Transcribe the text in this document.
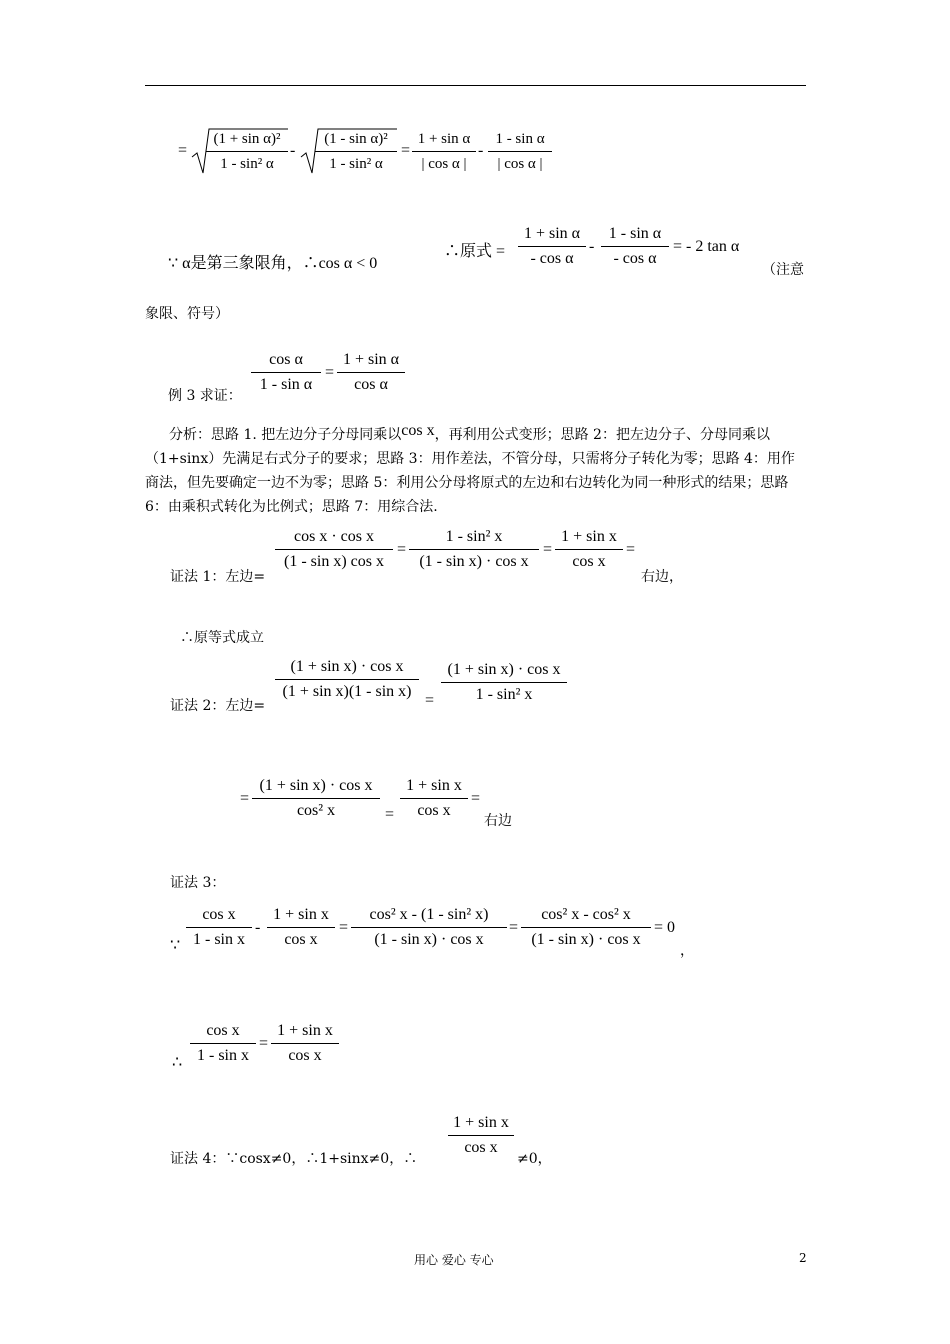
= $\frac{\text{(1 + sin α)²}}{\text{1 - sin² α}} - \frac{\text{(1 - sin α)²}}{\text{1 - sin² α}} = \frac{\text{1 + sin α}}{\text{| cos α |}} - \frac{\text{1 - sin α}}{\text{| cos α |}}$
∵ α是第三象限角，∴cos α < 0
∴原式 = $\frac{\text{1 + sin α}}{\text{- cos α}} - \frac{\text{1 - sin α}}{\text{- cos α}}$ = - 2 tan α
（注意
象限、符号）
例 3 求证：
$\frac{\text{cos α}}{\text{1 - sin α}} = \frac{\text{1 + sin α}}{\text{cos α}}$
分析：思路 1. 把左边分子分母同乘以cos x，再利用公式变形；思路 2：把左边分子、分母同乘以（1+sinx）先满足右式分子的要求；思路 3：用作差法，不管分母，只需将分子转化为零；思路 4：用作商法，但先要确定一边不为零；思路 5：利用公分母将原式的左边和右边转化为同一种形式的结果；思路 6：由乘积式转化为比例式；思路 7：用综合法.
证法 1：左边=
$\frac{\text{cos x · cos x}}{\text{(1 - sin x) cos x}} = \frac{\text{1 - sin² x}}{\text{(1 - sin x) · cos x}} = \frac{\text{1 + sin x}}{\text{cos x}}$ =
右边，
∴原等式成立
证法 2：左边=
$\frac{\text{(1 + sin x) · cos x}}{\text{(1 + sin x)(1 - sin x)}} = \frac{\text{(1 + sin x) · cos x}}{\text{1 - sin² x}}$
= $\frac{\text{(1 + sin x) · cos x}}{\text{cos² x}} = \frac{\text{1 + sin x}}{\text{cos x}}$ =
右边
证法 3：
∵ $\frac{\text{cos x}}{\text{1 - sin x}} - \frac{\text{1 + sin x}}{\text{cos x}} = \frac{\text{cos² x - (1 - sin² x)}}{\text{(1 - sin x) · cos x}} = \frac{\text{cos² x - cos² x}}{\text{(1 - sin x) · cos x}} = 0$
，
∴ $\frac{\text{cos x}}{\text{1 - sin x}} = \frac{\text{1 + sin x}}{\text{cos x}}$
证法 4：∵cosx≠0，∴1+sinx≠0，∴
$\frac{\text{1 + sin x}}{\text{cos x}}$
≠0，
用心 爱心 专心	2
